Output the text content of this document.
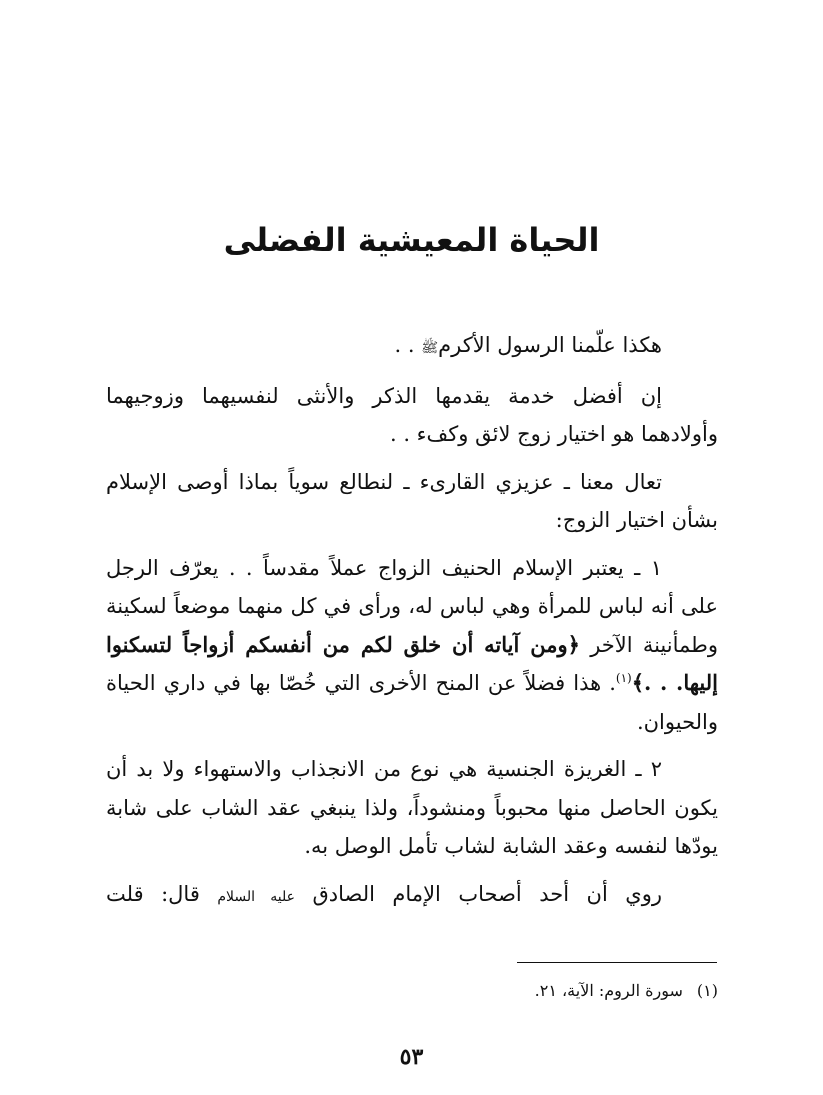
الحياة المعيشية الفضلى

هكذا علّمنا الرسول الأكرمﷺ . .

إن أفضل خدمة يقدمها الذكر والأنثى لنفسيهما وزوجيهما وأولادهما هو اختيار زوج لائق وكفء . .

تعال معنا ـ عزيزي القارىء ـ لنطالع سوياً بماذا أوصى الإسلام بشأن اختيار الزوج:

١ ـ يعتبر الإسلام الحنيف الزواج عملاً مقدساً . . يعرّف الرجل على أنه لباس للمرأة وهي لباس له، ورأى في كل منهما موضعاً لسكينة وطمأنينة الآخر ﴿ومن آياته أن خلق لكم من أنفسكم أزواجاً لتسكنوا إليها. . .﴾$^{(١)}$. هذا فضلاً عن المنح الأخرى التي خُصّا بها في داري الحياة والحيوان.

٢ ـ الغريزة الجنسية هي نوع من الانجذاب والاستهواء ولا بد أن يكون الحاصل منها محبوباً ومنشوداً، ولذا ينبغي عقد الشاب على شابة يودّها لنفسه وعقد الشابة لشاب تأمل الوصل به.

روي أن أحد أصحاب الإمام الصادق عليه السلام قال: قلت

(١)سورة الروم: الآية، ٢١.
٥٣
